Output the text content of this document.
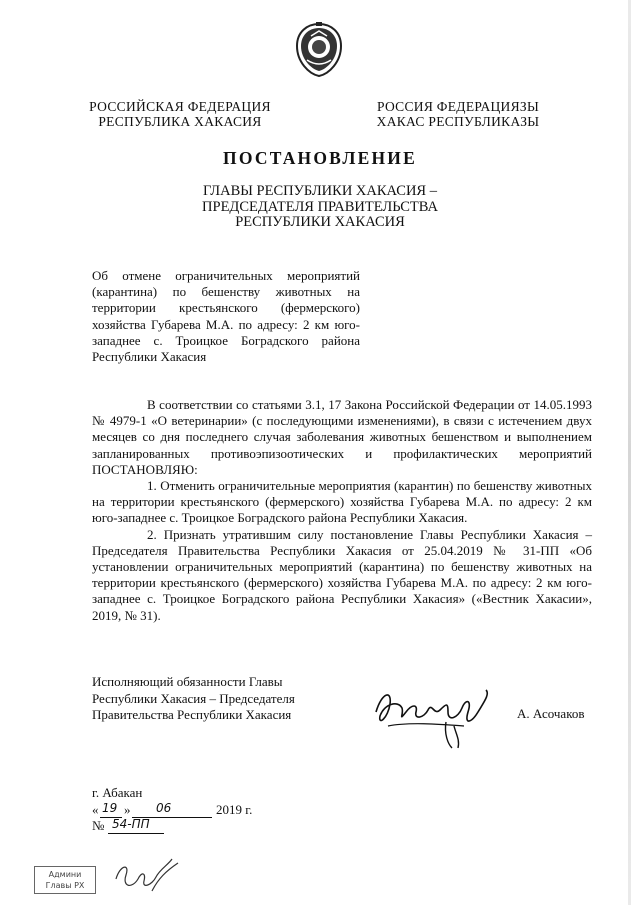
РОССИЙСКАЯ ФЕДЕРАЦИЯ
РЕСПУБЛИКА ХАКАСИЯ
РОССИЯ ФЕДЕРАЦИЯЗЫ
ХАКАС РЕСПУБЛИКАЗЫ
ПОСТАНОВЛЕНИЕ
ГЛАВЫ РЕСПУБЛИКИ ХАКАСИЯ –
ПРЕДСЕДАТЕЛЯ ПРАВИТЕЛЬСТВА
РЕСПУБЛИКИ ХАКАСИЯ
Об отмене ограничительных мероприятий (карантина) по бешенству животных на территории крестьянского (фермерского) хозяйства Губарева М.А. по адресу: 2 км юго-западнее с. Троицкое Боградского района Республики Хакасия

В соответствии со статьями 3.1, 17 Закона Российской Федерации от 14.05.1993 № 4979-1 «О ветеринарии» (с последующими изменениями), в связи с истечением двух месяцев со дня последнего случая заболевания животных бешенством и выполнением запланированных противоэпизоотических и профилактических мероприятий ПОСТАНОВЛЯЮ:

1. Отменить ограничительные мероприятия (карантин) по бешенству животных на территории крестьянского (фермерского) хозяйства Губарева М.А. по адресу: 2 км юго-западнее с. Троицкое Боградского района Республики Хакасия.

2. Признать утратившим силу постановление Главы Республики Хакасия – Председателя Правительства Республики Хакасия от 25.04.2019 № 31-ПП «Об установлении ограничительных мероприятий (карантина) по бешенству животных на территории крестьянского (фермерского) хозяйства Губарева М.А. по адресу: 2 км юго-западнее с. Троицкое Боградского района Республики Хакасия» («Вестник Хакасии», 2019, № 31).

Исполняющий обязанности Главы
Республики Хакасия – Председателя
Правительства Республики Хакасия	А. Асочаков
г. Абакан
« 19 » 06	2019 г.
№ 54-ПП
Админи
Главы РХ
